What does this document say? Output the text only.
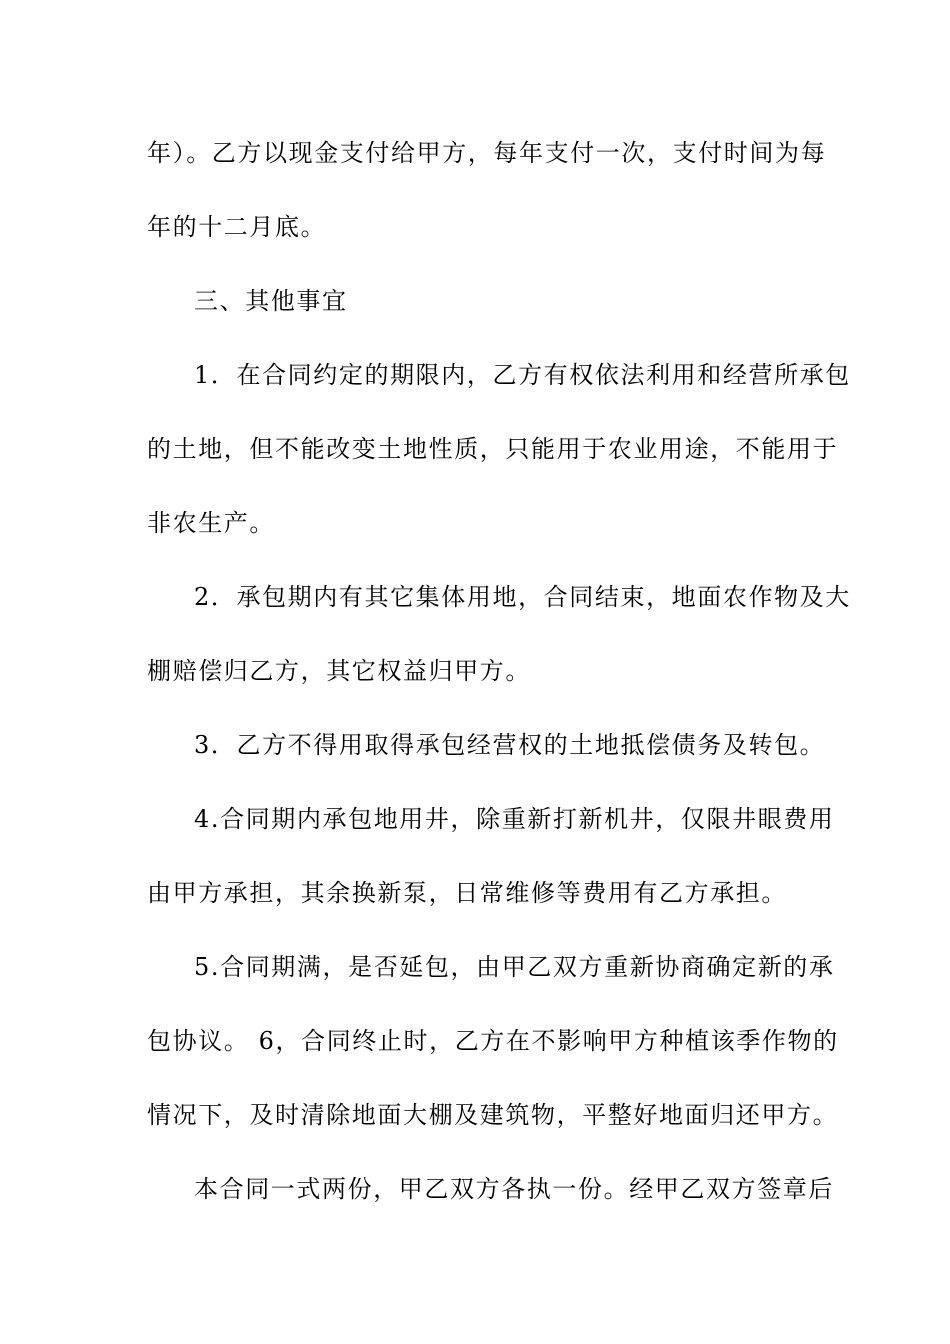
年）。乙方以现金支付给甲方，每年支付一次，支付时间为每
年的十二月底。
三、其他事宜
1．在合同约定的期限内，乙方有权依法利用和经营所承包
的土地，但不能改变土地性质，只能用于农业用途，不能用于
非农生产。
2．承包期内有其它集体用地，合同结束，地面农作物及大
棚赔偿归乙方，其它权益归甲方。
3．乙方不得用取得承包经营权的土地抵偿债务及转包。
4.合同期内承包地用井，除重新打新机井，仅限井眼费用
由甲方承担，其余换新泵，日常维修等费用有乙方承担。
5.合同期满，是否延包，由甲乙双方重新协商确定新的承
包协议。 6，合同终止时，乙方在不影响甲方种植该季作物的
情况下，及时清除地面大棚及建筑物，平整好地面归还甲方。
本合同一式两份，甲乙双方各执一份。经甲乙双方签章后
